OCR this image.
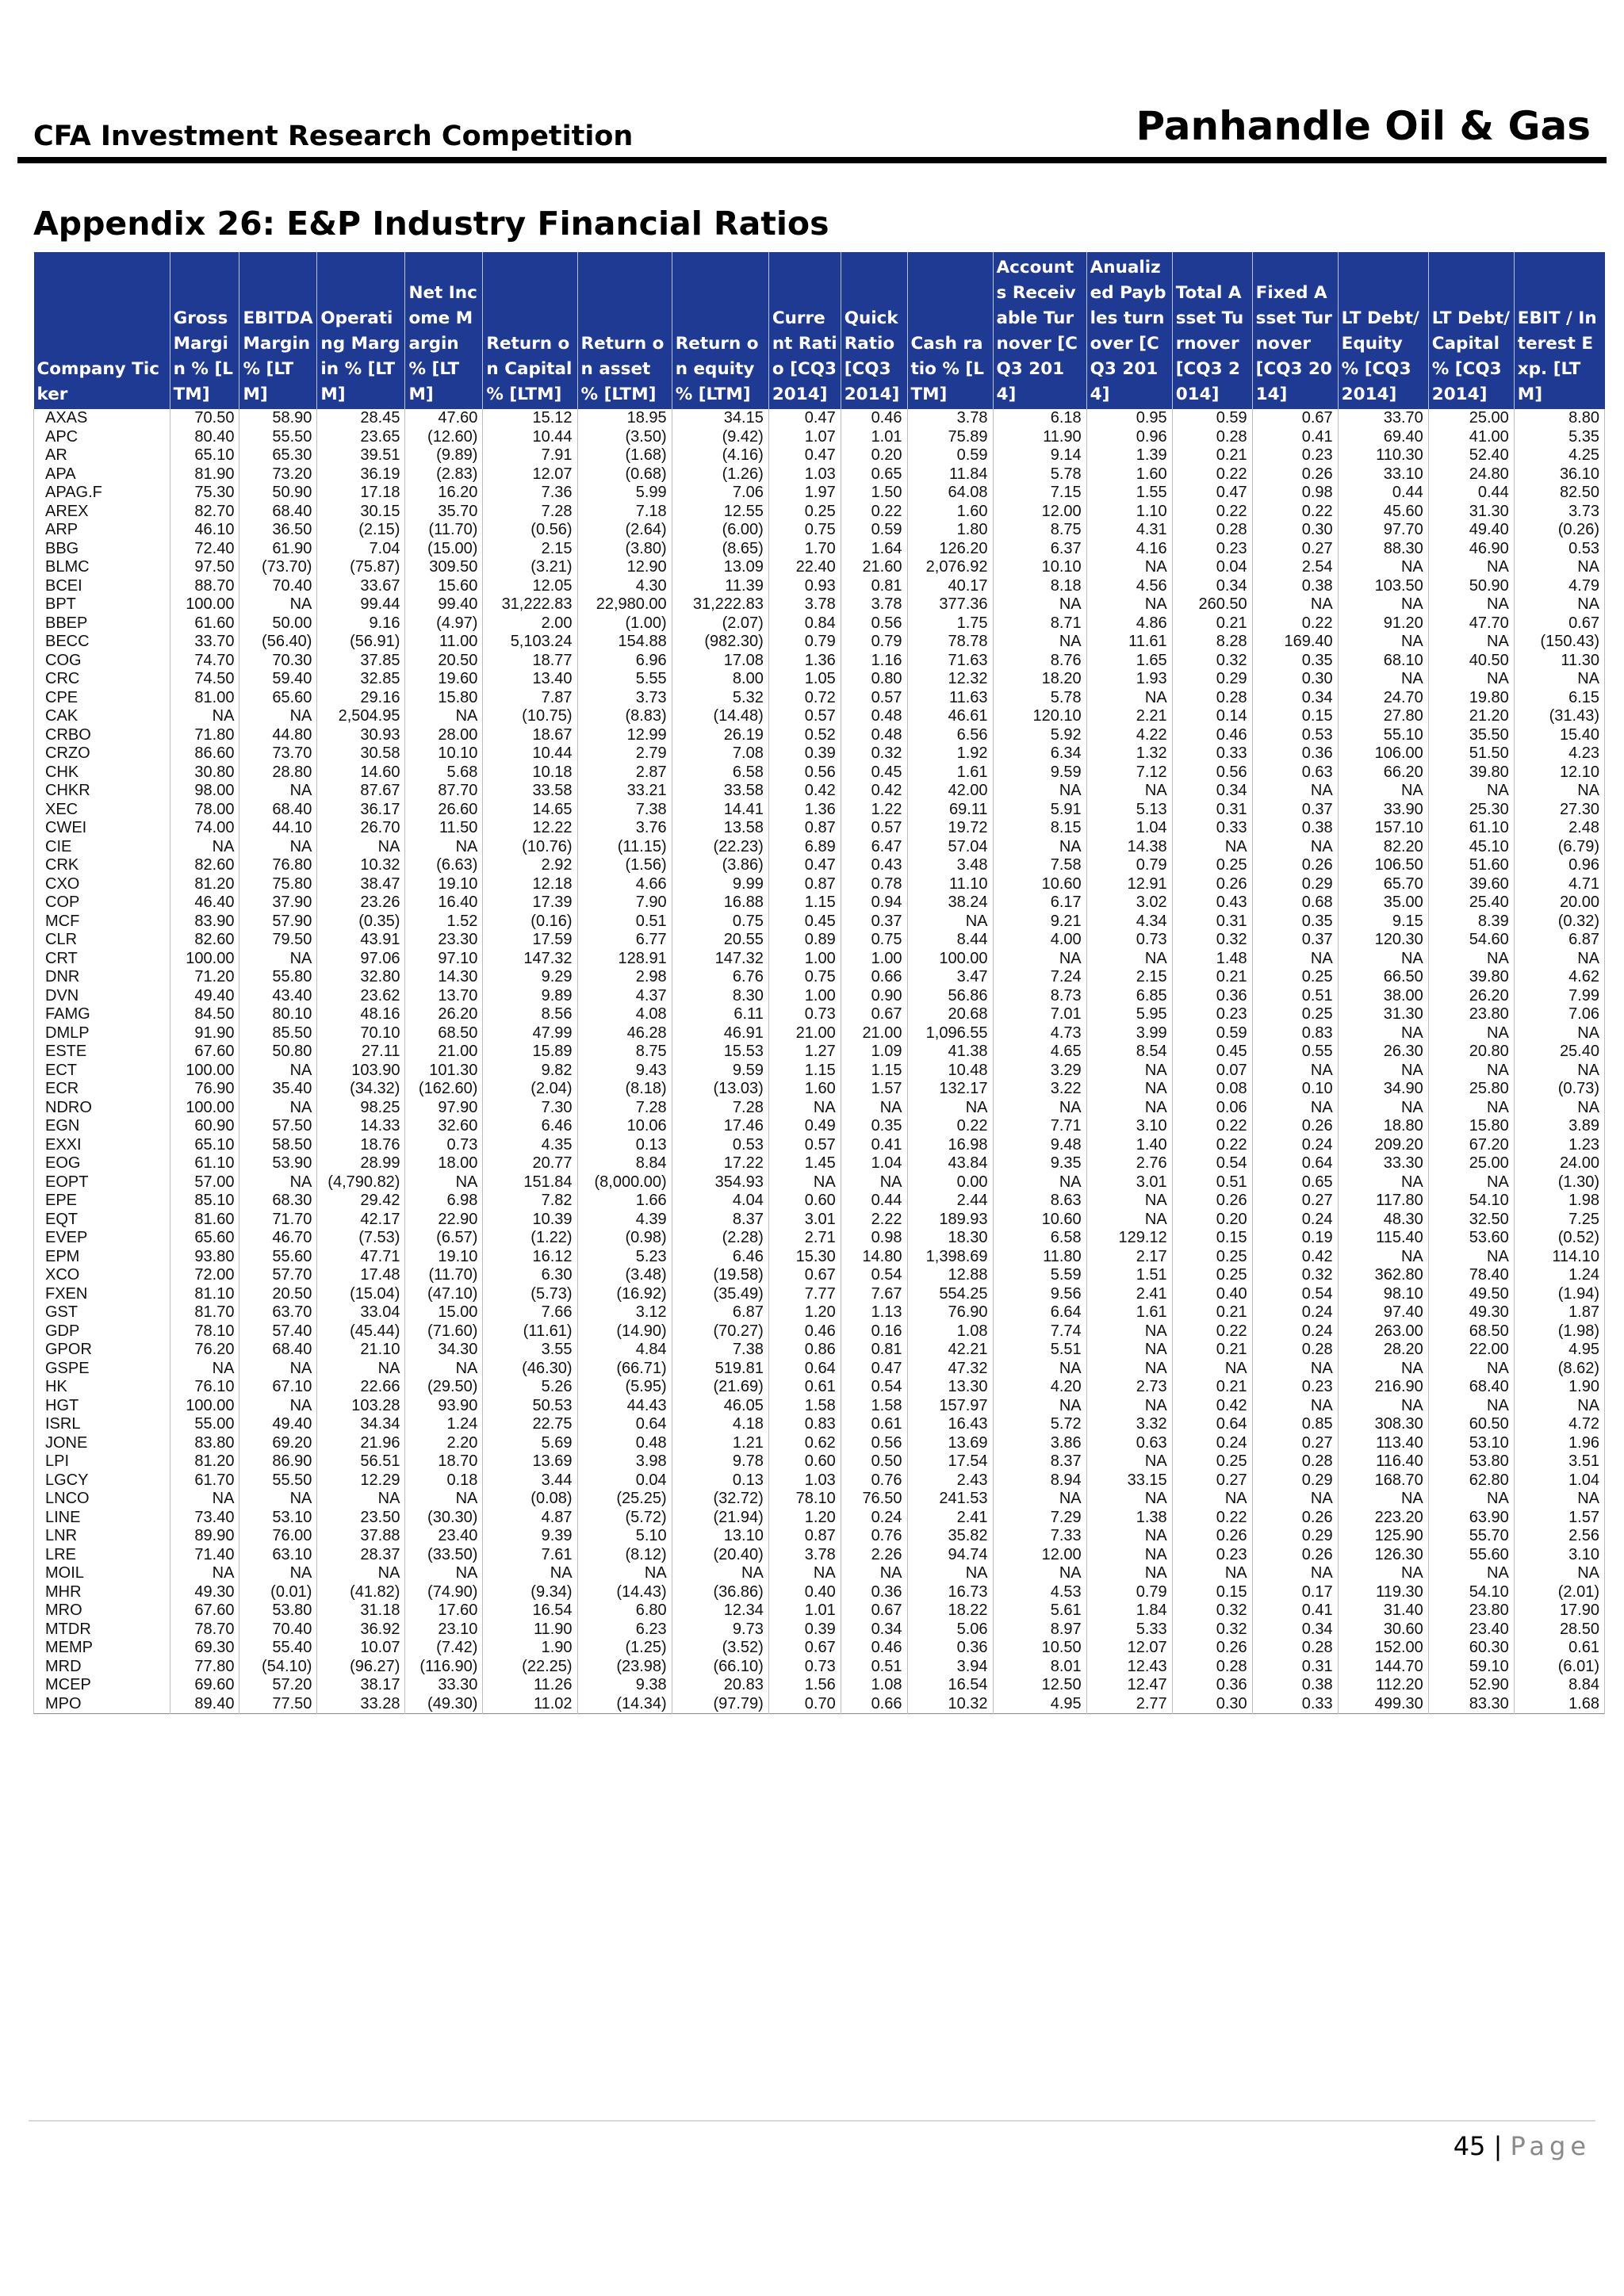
CFA Investment Research Competition	Panhandle Oil & Gas
Appendix 26: E&P Industry Financial Ratios
Company Ticker	Gross Margin % [LTM]	EBITDA Margin % [LTM]	Operating Margin % [LTM]	Net Income Margin % [LTM]	Return on Capital % [LTM]	Return on asset % [LTM]	Return on equity % [LTM]	Current Ratio [CQ3 2014]	Quick Ratio [CQ3 2014]	Cash ratio % [LTM]	Accounts Receivable Turnover [CQ3 2014]	Anualized Paybles turnover [CQ3 2014]	Total Asset Turnover [CQ3 2014]	Fixed Asset Turnover [CQ3 2014]	LT Debt/Equity % [CQ3 2014]	LT Debt/Capital % [CQ3 2014]	EBIT / Interest Exp. [LTM]
AXAS	70.50	58.90	28.45	47.60	15.12	18.95	34.15	0.47	0.46	3.78	6.18	0.95	0.59	0.67	33.70	25.00	8.80
APC	80.40	55.50	23.65	(12.60)	10.44	(3.50)	(9.42)	1.07	1.01	75.89	11.90	0.96	0.28	0.41	69.40	41.00	5.35
AR	65.10	65.30	39.51	(9.89)	7.91	(1.68)	(4.16)	0.47	0.20	0.59	9.14	1.39	0.21	0.23	110.30	52.40	4.25
APA	81.90	73.20	36.19	(2.83)	12.07	(0.68)	(1.26)	1.03	0.65	11.84	5.78	1.60	0.22	0.26	33.10	24.80	36.10
APAG.F	75.30	50.90	17.18	16.20	7.36	5.99	7.06	1.97	1.50	64.08	7.15	1.55	0.47	0.98	0.44	0.44	82.50
AREX	82.70	68.40	30.15	35.70	7.28	7.18	12.55	0.25	0.22	1.60	12.00	1.10	0.22	0.22	45.60	31.30	3.73
ARP	46.10	36.50	(2.15)	(11.70)	(0.56)	(2.64)	(6.00)	0.75	0.59	1.80	8.75	4.31	0.28	0.30	97.70	49.40	(0.26)
BBG	72.40	61.90	7.04	(15.00)	2.15	(3.80)	(8.65)	1.70	1.64	126.20	6.37	4.16	0.23	0.27	88.30	46.90	0.53
BLMC	97.50	(73.70)	(75.87)	309.50	(3.21)	12.90	13.09	22.40	21.60	2,076.92	10.10	NA	0.04	2.54	NA	NA	NA
BCEI	88.70	70.40	33.67	15.60	12.05	4.30	11.39	0.93	0.81	40.17	8.18	4.56	0.34	0.38	103.50	50.90	4.79
BPT	100.00	NA	99.44	99.40	31,222.83	22,980.00	31,222.83	3.78	3.78	377.36	NA	NA	260.50	NA	NA	NA	NA
BBEP	61.60	50.00	9.16	(4.97)	2.00	(1.00)	(2.07)	0.84	0.56	1.75	8.71	4.86	0.21	0.22	91.20	47.70	0.67
BECC	33.70	(56.40)	(56.91)	11.00	5,103.24	154.88	(982.30)	0.79	0.79	78.78	NA	11.61	8.28	169.40	NA	NA	(150.43)
COG	74.70	70.30	37.85	20.50	18.77	6.96	17.08	1.36	1.16	71.63	8.76	1.65	0.32	0.35	68.10	40.50	11.30
CRC	74.50	59.40	32.85	19.60	13.40	5.55	8.00	1.05	0.80	12.32	18.20	1.93	0.29	0.30	NA	NA	NA
CPE	81.00	65.60	29.16	15.80	7.87	3.73	5.32	0.72	0.57	11.63	5.78	NA	0.28	0.34	24.70	19.80	6.15
CAK	NA	NA	2,504.95	NA	(10.75)	(8.83)	(14.48)	0.57	0.48	46.61	120.10	2.21	0.14	0.15	27.80	21.20	(31.43)
CRBO	71.80	44.80	30.93	28.00	18.67	12.99	26.19	0.52	0.48	6.56	5.92	4.22	0.46	0.53	55.10	35.50	15.40
CRZO	86.60	73.70	30.58	10.10	10.44	2.79	7.08	0.39	0.32	1.92	6.34	1.32	0.33	0.36	106.00	51.50	4.23
CHK	30.80	28.80	14.60	5.68	10.18	2.87	6.58	0.56	0.45	1.61	9.59	7.12	0.56	0.63	66.20	39.80	12.10
CHKR	98.00	NA	87.67	87.70	33.58	33.21	33.58	0.42	0.42	42.00	NA	NA	0.34	NA	NA	NA	NA
XEC	78.00	68.40	36.17	26.60	14.65	7.38	14.41	1.36	1.22	69.11	5.91	5.13	0.31	0.37	33.90	25.30	27.30
CWEI	74.00	44.10	26.70	11.50	12.22	3.76	13.58	0.87	0.57	19.72	8.15	1.04	0.33	0.38	157.10	61.10	2.48
CIE	NA	NA	NA	NA	(10.76)	(11.15)	(22.23)	6.89	6.47	57.04	NA	14.38	NA	NA	82.20	45.10	(6.79)
CRK	82.60	76.80	10.32	(6.63)	2.92	(1.56)	(3.86)	0.47	0.43	3.48	7.58	0.79	0.25	0.26	106.50	51.60	0.96
CXO	81.20	75.80	38.47	19.10	12.18	4.66	9.99	0.87	0.78	11.10	10.60	12.91	0.26	0.29	65.70	39.60	4.71
COP	46.40	37.90	23.26	16.40	17.39	7.90	16.88	1.15	0.94	38.24	6.17	3.02	0.43	0.68	35.00	25.40	20.00
MCF	83.90	57.90	(0.35)	1.52	(0.16)	0.51	0.75	0.45	0.37	NA	9.21	4.34	0.31	0.35	9.15	8.39	(0.32)
CLR	82.60	79.50	43.91	23.30	17.59	6.77	20.55	0.89	0.75	8.44	4.00	0.73	0.32	0.37	120.30	54.60	6.87
CRT	100.00	NA	97.06	97.10	147.32	128.91	147.32	1.00	1.00	100.00	NA	NA	1.48	NA	NA	NA	NA
DNR	71.20	55.80	32.80	14.30	9.29	2.98	6.76	0.75	0.66	3.47	7.24	2.15	0.21	0.25	66.50	39.80	4.62
DVN	49.40	43.40	23.62	13.70	9.89	4.37	8.30	1.00	0.90	56.86	8.73	6.85	0.36	0.51	38.00	26.20	7.99
FAMG	84.50	80.10	48.16	26.20	8.56	4.08	6.11	0.73	0.67	20.68	7.01	5.95	0.23	0.25	31.30	23.80	7.06
DMLP	91.90	85.50	70.10	68.50	47.99	46.28	46.91	21.00	21.00	1,096.55	4.73	3.99	0.59	0.83	NA	NA	NA
ESTE	67.60	50.80	27.11	21.00	15.89	8.75	15.53	1.27	1.09	41.38	4.65	8.54	0.45	0.55	26.30	20.80	25.40
ECT	100.00	NA	103.90	101.30	9.82	9.43	9.59	1.15	1.15	10.48	3.29	NA	0.07	NA	NA	NA	NA
ECR	76.90	35.40	(34.32)	(162.60)	(2.04)	(8.18)	(13.03)	1.60	1.57	132.17	3.22	NA	0.08	0.10	34.90	25.80	(0.73)
NDRO	100.00	NA	98.25	97.90	7.30	7.28	7.28	NA	NA	NA	NA	NA	0.06	NA	NA	NA	NA
EGN	60.90	57.50	14.33	32.60	6.46	10.06	17.46	0.49	0.35	0.22	7.71	3.10	0.22	0.26	18.80	15.80	3.89
EXXI	65.10	58.50	18.76	0.73	4.35	0.13	0.53	0.57	0.41	16.98	9.48	1.40	0.22	0.24	209.20	67.20	1.23
EOG	61.10	53.90	28.99	18.00	20.77	8.84	17.22	1.45	1.04	43.84	9.35	2.76	0.54	0.64	33.30	25.00	24.00
EOPT	57.00	NA	(4,790.82)	NA	151.84	(8,000.00)	354.93	NA	NA	0.00	NA	3.01	0.51	0.65	NA	NA	(1.30)
EPE	85.10	68.30	29.42	6.98	7.82	1.66	4.04	0.60	0.44	2.44	8.63	NA	0.26	0.27	117.80	54.10	1.98
EQT	81.60	71.70	42.17	22.90	10.39	4.39	8.37	3.01	2.22	189.93	10.60	NA	0.20	0.24	48.30	32.50	7.25
EVEP	65.60	46.70	(7.53)	(6.57)	(1.22)	(0.98)	(2.28)	2.71	0.98	18.30	6.58	129.12	0.15	0.19	115.40	53.60	(0.52)
EPM	93.80	55.60	47.71	19.10	16.12	5.23	6.46	15.30	14.80	1,398.69	11.80	2.17	0.25	0.42	NA	NA	114.10
XCO	72.00	57.70	17.48	(11.70)	6.30	(3.48)	(19.58)	0.67	0.54	12.88	5.59	1.51	0.25	0.32	362.80	78.40	1.24
FXEN	81.10	20.50	(15.04)	(47.10)	(5.73)	(16.92)	(35.49)	7.77	7.67	554.25	9.56	2.41	0.40	0.54	98.10	49.50	(1.94)
GST	81.70	63.70	33.04	15.00	7.66	3.12	6.87	1.20	1.13	76.90	6.64	1.61	0.21	0.24	97.40	49.30	1.87
GDP	78.10	57.40	(45.44)	(71.60)	(11.61)	(14.90)	(70.27)	0.46	0.16	1.08	7.74	NA	0.22	0.24	263.00	68.50	(1.98)
GPOR	76.20	68.40	21.10	34.30	3.55	4.84	7.38	0.86	0.81	42.21	5.51	NA	0.21	0.28	28.20	22.00	4.95
GSPE	NA	NA	NA	NA	(46.30)	(66.71)	519.81	0.64	0.47	47.32	NA	NA	NA	NA	NA	NA	(8.62)
HK	76.10	67.10	22.66	(29.50)	5.26	(5.95)	(21.69)	0.61	0.54	13.30	4.20	2.73	0.21	0.23	216.90	68.40	1.90
HGT	100.00	NA	103.28	93.90	50.53	44.43	46.05	1.58	1.58	157.97	NA	NA	0.42	NA	NA	NA	NA
ISRL	55.00	49.40	34.34	1.24	22.75	0.64	4.18	0.83	0.61	16.43	5.72	3.32	0.64	0.85	308.30	60.50	4.72
JONE	83.80	69.20	21.96	2.20	5.69	0.48	1.21	0.62	0.56	13.69	3.86	0.63	0.24	0.27	113.40	53.10	1.96
LPI	81.20	86.90	56.51	18.70	13.69	3.98	9.78	0.60	0.50	17.54	8.37	NA	0.25	0.28	116.40	53.80	3.51
LGCY	61.70	55.50	12.29	0.18	3.44	0.04	0.13	1.03	0.76	2.43	8.94	33.15	0.27	0.29	168.70	62.80	1.04
LNCO	NA	NA	NA	NA	(0.08)	(25.25)	(32.72)	78.10	76.50	241.53	NA	NA	NA	NA	NA	NA	NA
LINE	73.40	53.10	23.50	(30.30)	4.87	(5.72)	(21.94)	1.20	0.24	2.41	7.29	1.38	0.22	0.26	223.20	63.90	1.57
LNR	89.90	76.00	37.88	23.40	9.39	5.10	13.10	0.87	0.76	35.82	7.33	NA	0.26	0.29	125.90	55.70	2.56
LRE	71.40	63.10	28.37	(33.50)	7.61	(8.12)	(20.40)	3.78	2.26	94.74	12.00	NA	0.23	0.26	126.30	55.60	3.10
MOIL	NA	NA	NA	NA	NA	NA	NA	NA	NA	NA	NA	NA	NA	NA	NA	NA	NA
MHR	49.30	(0.01)	(41.82)	(74.90)	(9.34)	(14.43)	(36.86)	0.40	0.36	16.73	4.53	0.79	0.15	0.17	119.30	54.10	(2.01)
MRO	67.60	53.80	31.18	17.60	16.54	6.80	12.34	1.01	0.67	18.22	5.61	1.84	0.32	0.41	31.40	23.80	17.90
MTDR	78.70	70.40	36.92	23.10	11.90	6.23	9.73	0.39	0.34	5.06	8.97	5.33	0.32	0.34	30.60	23.40	28.50
MEMP	69.30	55.40	10.07	(7.42)	1.90	(1.25)	(3.52)	0.67	0.46	0.36	10.50	12.07	0.26	0.28	152.00	60.30	0.61
MRD	77.80	(54.10)	(96.27)	(116.90)	(22.25)	(23.98)	(66.10)	0.73	0.51	3.94	8.01	12.43	0.28	0.31	144.70	59.10	(6.01)
MCEP	69.60	57.20	38.17	33.30	11.26	9.38	20.83	1.56	1.08	16.54	12.50	12.47	0.36	0.38	112.20	52.90	8.84
MPO	89.40	77.50	33.28	(49.30)	11.02	(14.34)	(97.79)	0.70	0.66	10.32	4.95	2.77	0.30	0.33	499.30	83.30	1.68
45 | Page
